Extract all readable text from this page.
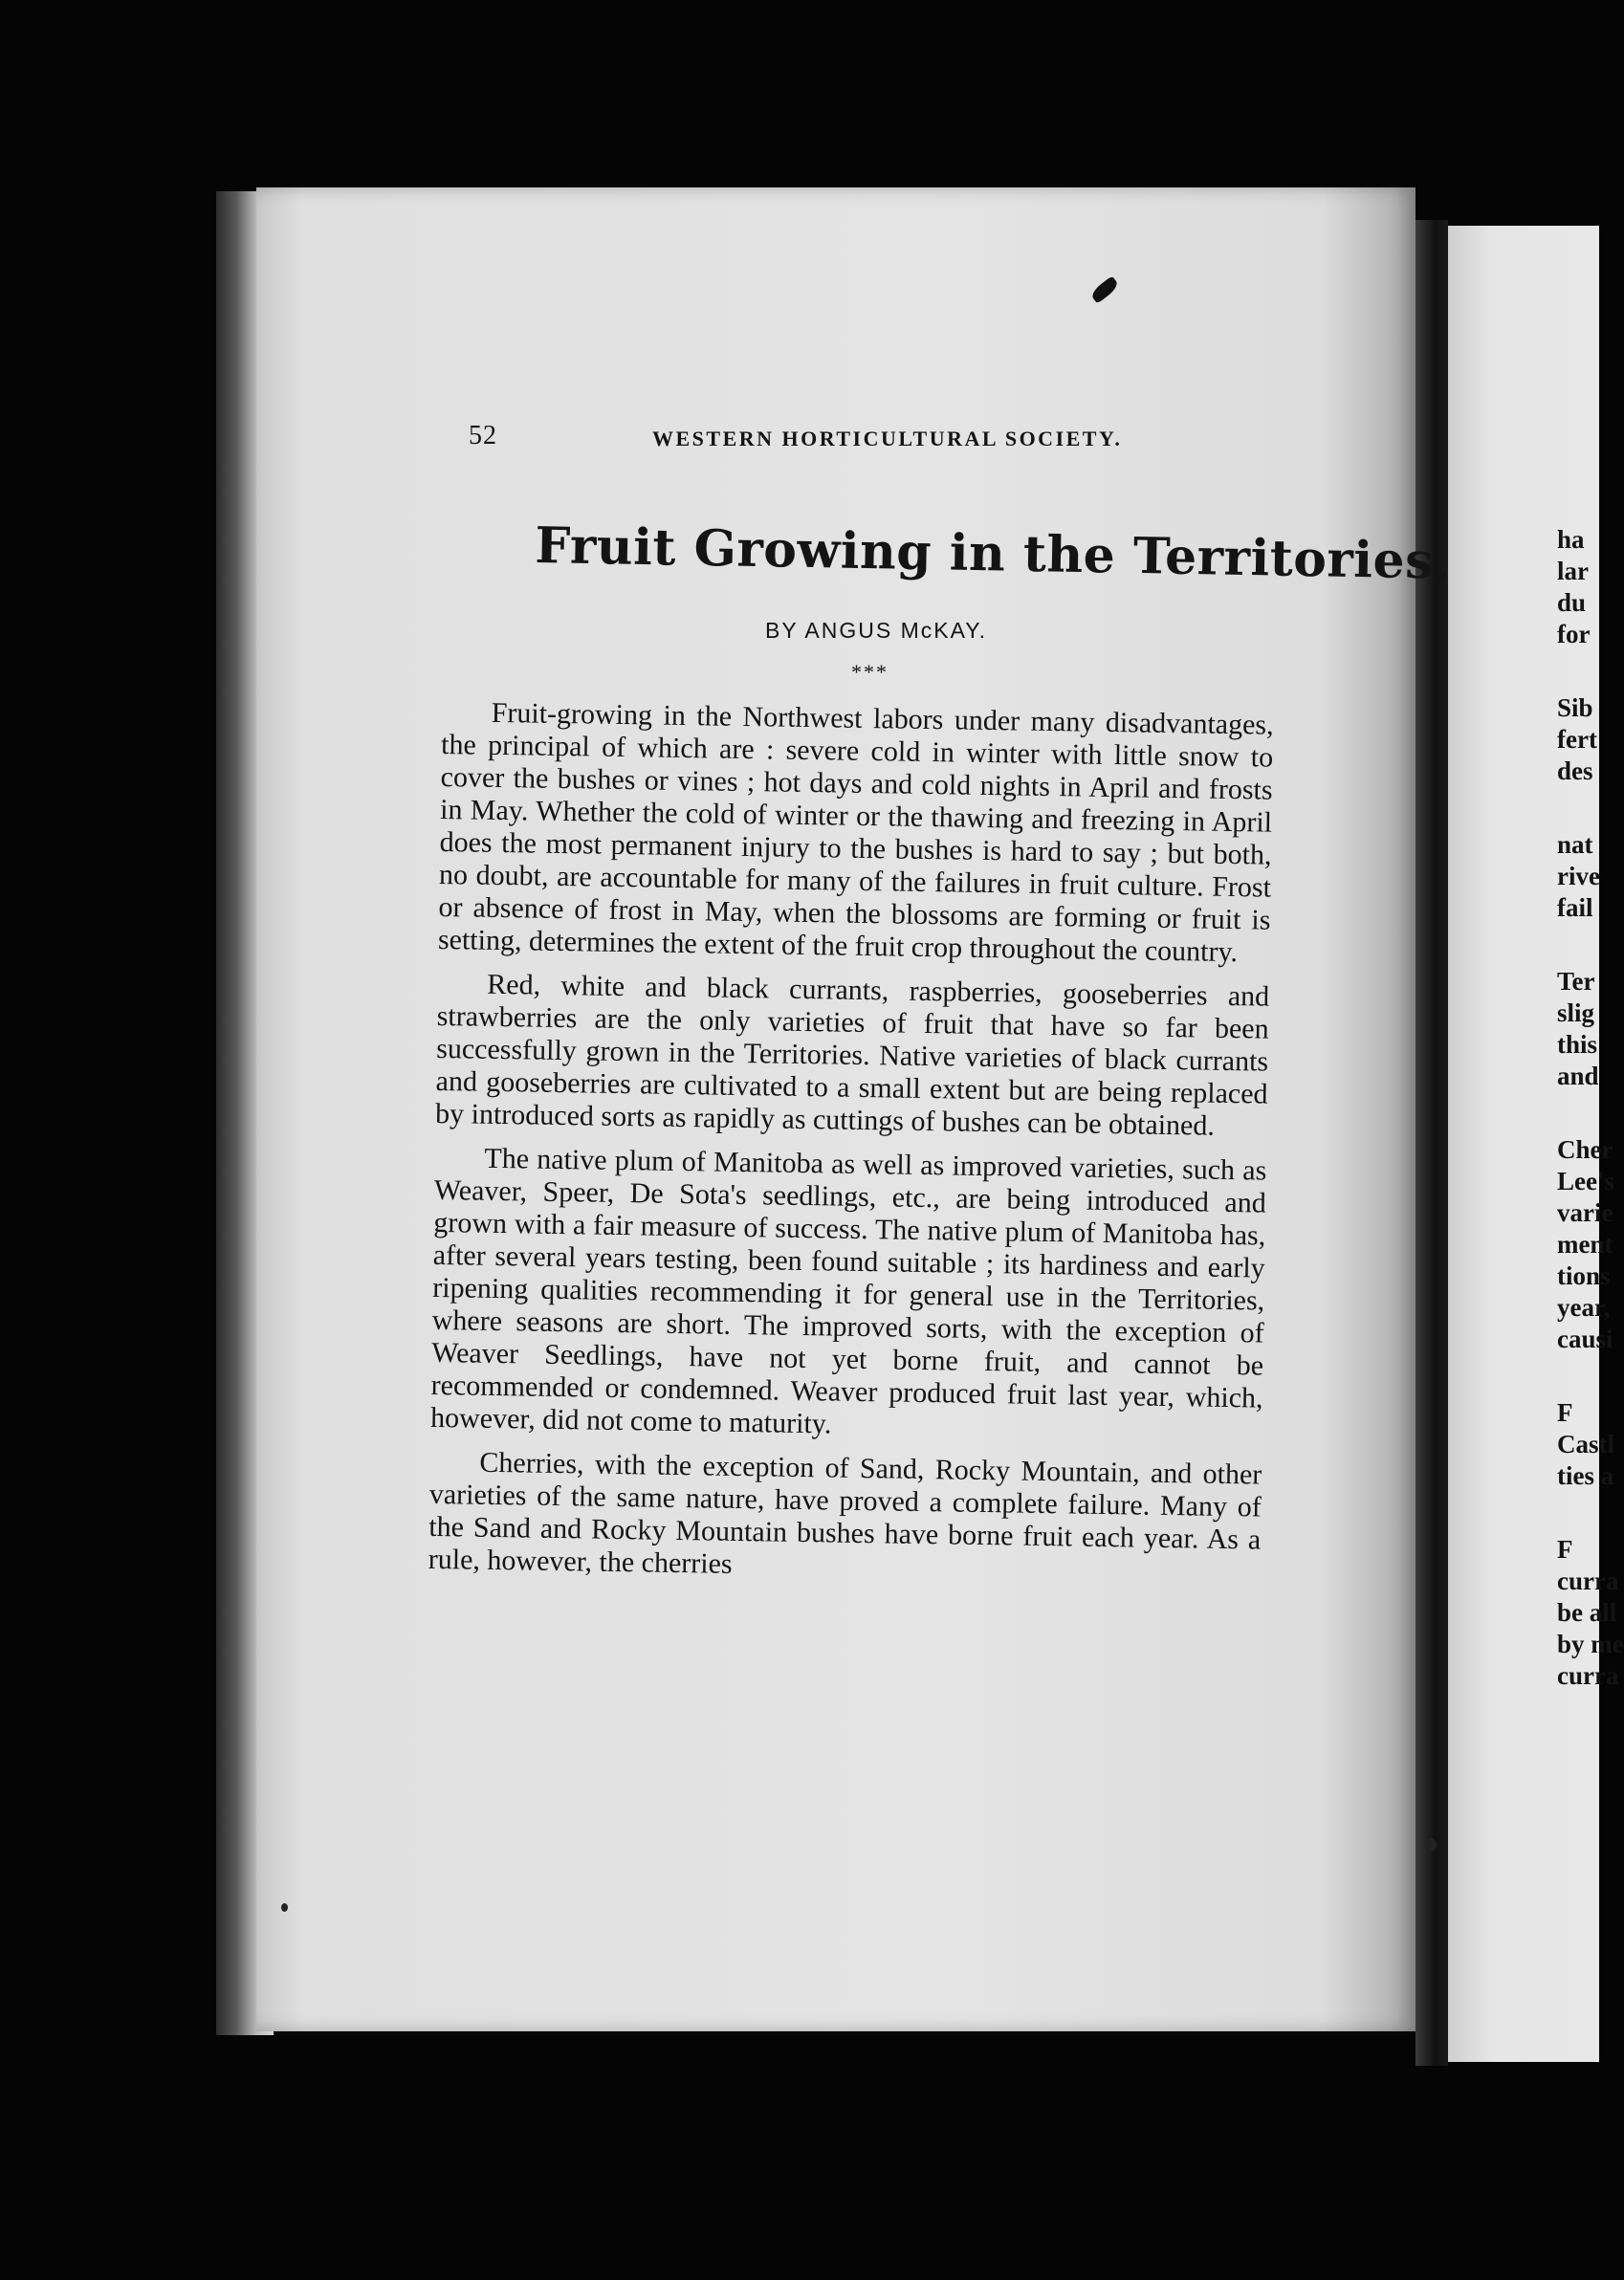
52	WESTERN HORTICULTURAL SOCIETY.
Fruit Growing in the Territories.
BY ANGUS McKAY.
***

Fruit-growing in the Northwest labors under many disadvantages, the principal of which are : severe cold in winter with little snow to cover the bushes or vines ; hot days and cold nights in April and frosts in May. Whether the cold of winter or the thawing and freezing in April does the most permanent injury to the bushes is hard to say ; but both, no doubt, are accountable for many of the failures in fruit culture. Frost or absence of frost in May, when the blossoms are forming or fruit is setting, determines the extent of the fruit crop throughout the country.

Red, white and black currants, raspberries, gooseberries and strawberries are the only varieties of fruit that have so far been successfully grown in the Territories. Native varieties of black currants and gooseberries are cultivated to a small extent but are being replaced by introduced sorts as rapidly as cuttings of bushes can be obtained.

The native plum of Manitoba as well as improved varieties, such as Weaver, Speer, De Sota's seedlings, etc., are being introduced and grown with a fair measure of success. The native plum of Manitoba has, after several years testing, been found suitable ; its hardiness and early ripening qualities recommending it for general use in the Territories, where seasons are short. The improved sorts, with the exception of Weaver Seedlings, have not yet borne fruit, and cannot be recommended or condemned. Weaver produced fruit last year, which, however, did not come to maturity.

Cherries, with the exception of Sand, Rocky Mountain, and other varieties of the same nature, have proved a complete failure. Many of the Sand and Rocky Mountain bushes have borne fruit each year. As a rule, however, the cherries

ha
lar
du
for
Sib
fert
des
nat
rive
fail
Ter
slig
this
and
Cher
Lee's
varie
ment
tions
year,
causi
F
Castl
ties a
F
curra
be all
by me
curra
